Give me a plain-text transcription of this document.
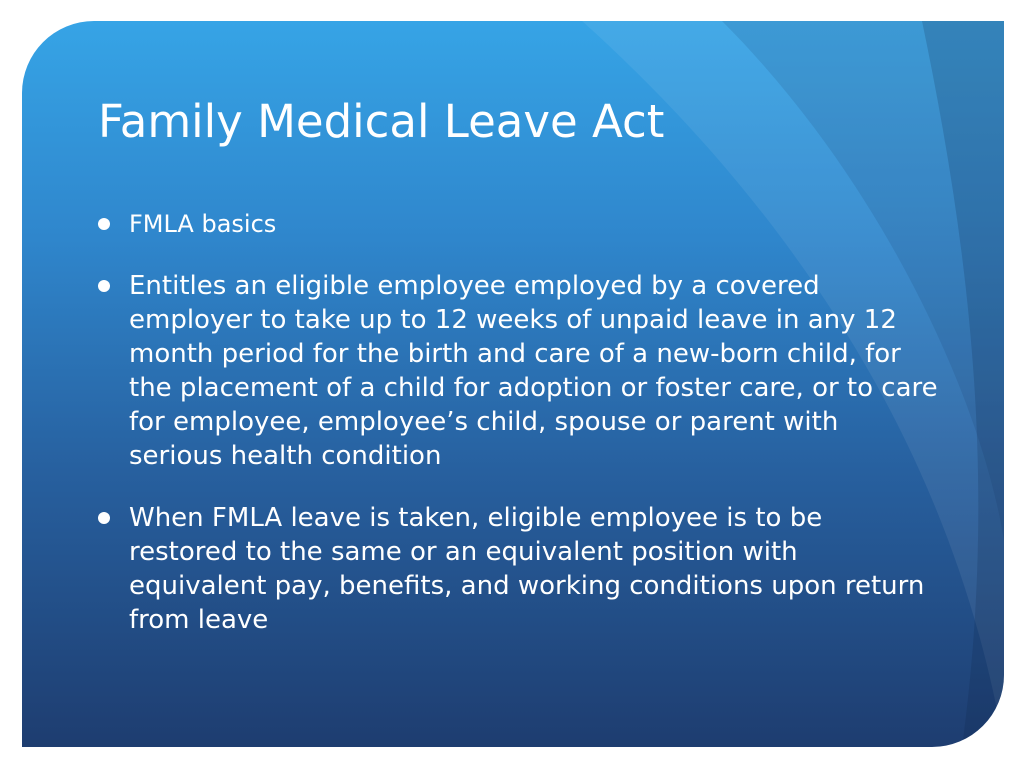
Family Medical Leave Act
FMLA basics
Entitles an eligible employee employed by a covered employer to take up to 12 weeks of unpaid leave in any 12 month period for the birth and care of a new-born child, for the placement of a child for adoption or foster care, or to care for employee, employee’s child, spouse or parent with serious health condition
When FMLA leave is taken, eligible employee is to be restored to the same or an equivalent position with equivalent pay, benefits, and working conditions upon return from leave
